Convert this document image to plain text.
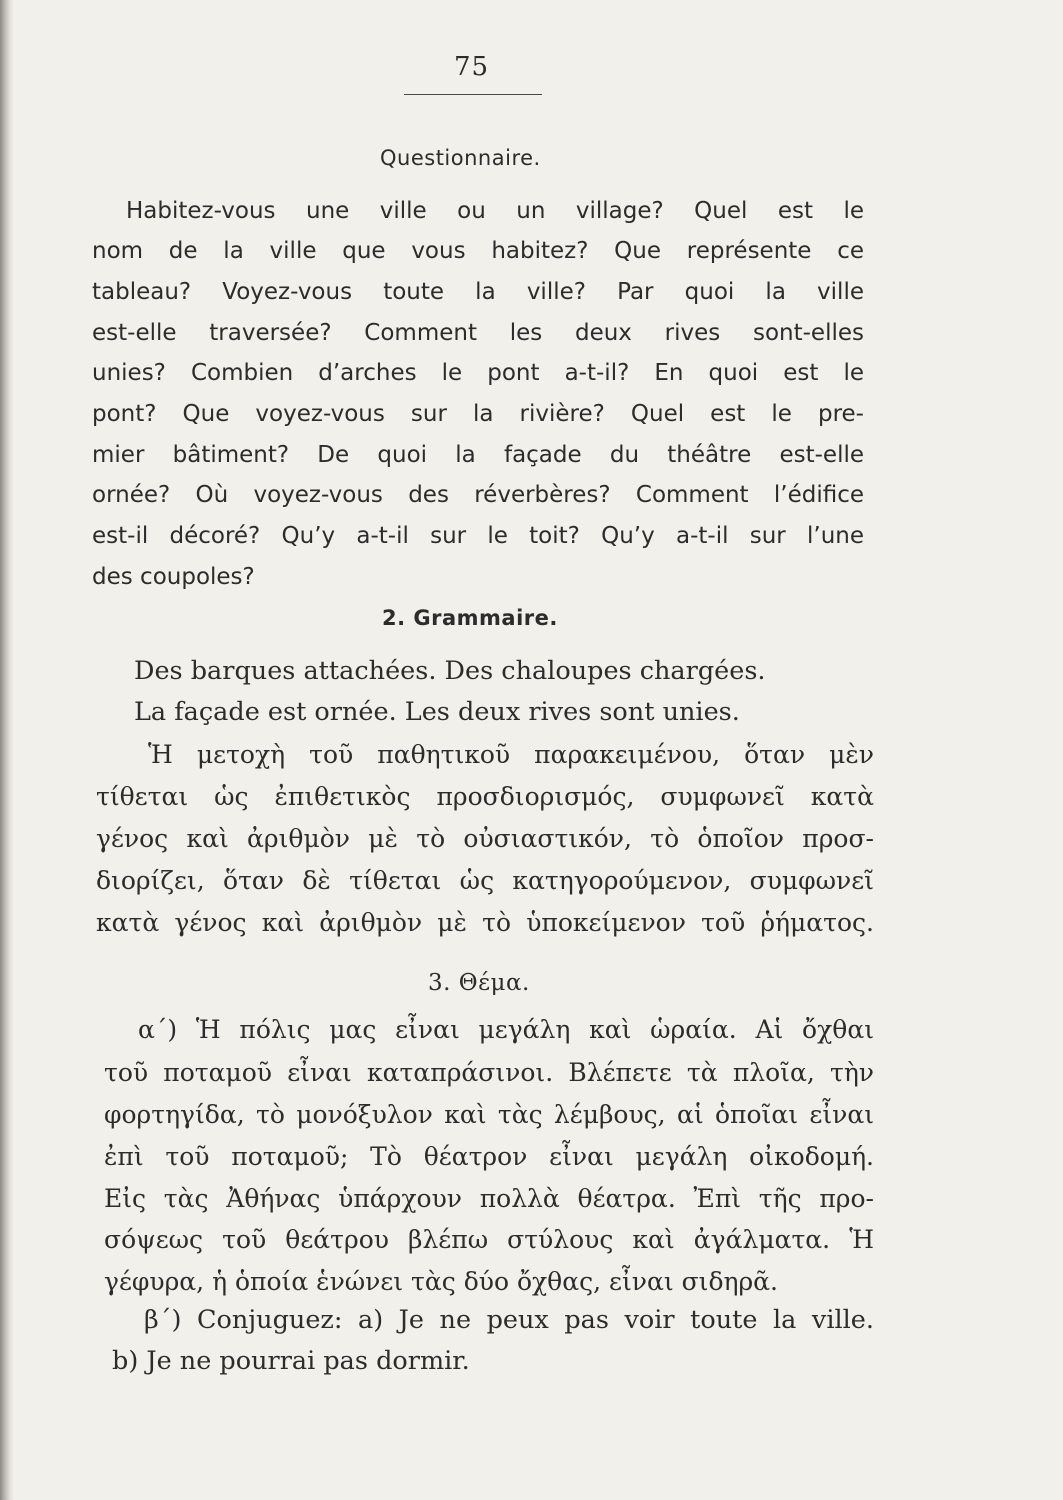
75
Questionnaire.
Habitez-vous une ville ou un village? Quel est le
nom de la ville que vous habitez? Que représente ce
tableau? Voyez-vous toute la ville? Par quoi la ville
est-elle traversée? Comment les deux rives sont-elles
unies? Combien d’arches le pont a-t-il? En quoi est le
pont? Que voyez-vous sur la rivière? Quel est le pre-
mier bâtiment? De quoi la façade du théâtre est-elle
ornée? Où voyez-vous des réverbères? Comment l’édifice
est-il décoré? Qu’y a-t-il sur le toit? Qu’y a-t-il sur l’une
des coupoles?
2. Grammaire.
Des barques attachées. Des chaloupes chargées.
La façade est ornée. Les deux rives sont unies.
Ἡ μετοχὴ τοῦ παθητικοῦ παρακειμένου, ὅταν μὲν
τίθεται ὡς ἐπιθετικὸς προσδιορισμός, συμφωνεῖ κατὰ
γένος καὶ ἀριθμὸν μὲ τὸ οὐσιαστικόν, τὸ ὁποῖον προσ-
διορίζει, ὅταν δὲ τίθεται ὡς κατηγορούμενον, συμφωνεῖ
κατὰ γένος καὶ ἀριθμὸν μὲ τὸ ὑποκείμενον τοῦ ῥήματος.
3. Θέμα.
α΄) Ἡ πόλις μας εἶναι μεγάλη καὶ ὡραία. Αἱ ὄχθαι
τοῦ ποταμοῦ εἶναι καταπράσινοι. Βλέπετε τὰ πλοῖα, τὴν
φορτηγίδα, τὸ μονόξυλον καὶ τὰς λέμβους, αἱ ὁποῖαι εἶναι
ἐπὶ τοῦ ποταμοῦ; Τὸ θέατρον εἶναι μεγάλη οἰκοδομή.
Εἰς τὰς Ἀθήνας ὑπάρχουν πολλὰ θέατρα. Ἐπὶ τῆς προ-
σόψεως τοῦ θεάτρου βλέπω στύλους καὶ ἀγάλματα. Ἡ
γέφυρα, ἡ ὁποία ἑνώνει τὰς δύο ὄχθας, εἶναι σιδηρᾶ.
β΄) Conjuguez: a) Je ne peux pas voir toute la ville.
b) Je ne pourrai pas dormir.
